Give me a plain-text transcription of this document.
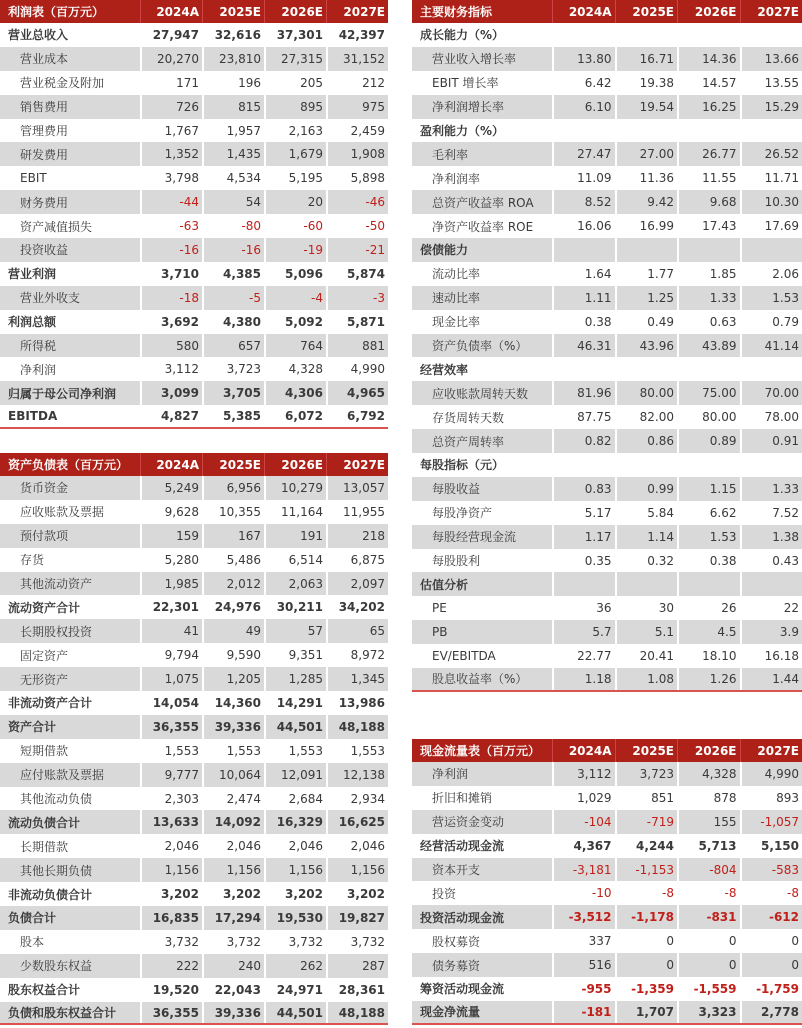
利润表（百万元）	2024A	2025E	2026E	2027E
营业总收入	27,947	32,616	37,301	42,397
营业成本	20,270	23,810	27,315	31,152
营业税金及附加	171	196	205	212
销售费用	726	815	895	975
管理费用	1,767	1,957	2,163	2,459
研发费用	1,352	1,435	1,679	1,908
EBIT	3,798	4,534	5,195	5,898
财务费用	-44	54	20	-46
资产减值损失	-63	-80	-60	-50
投资收益	-16	-16	-19	-21
营业利润	3,710	4,385	5,096	5,874
营业外收支	-18	-5	-4	-3
利润总额	3,692	4,380	5,092	5,871
所得税	580	657	764	881
净利润	3,112	3,723	4,328	4,990
归属于母公司净利润	3,099	3,705	4,306	4,965
EBITDA	4,827	5,385	6,072	6,792
资产负债表（百万元）	2024A	2025E	2026E	2027E
货币资金	5,249	6,956	10,279	13,057
应收账款及票据	9,628	10,355	11,164	11,955
预付款项	159	167	191	218
存货	5,280	5,486	6,514	6,875
其他流动资产	1,985	2,012	2,063	2,097
流动资产合计	22,301	24,976	30,211	34,202
长期股权投资	41	49	57	65
固定资产	9,794	9,590	9,351	8,972
无形资产	1,075	1,205	1,285	1,345
非流动资产合计	14,054	14,360	14,291	13,986
资产合计	36,355	39,336	44,501	48,188
短期借款	1,553	1,553	1,553	1,553
应付账款及票据	9,777	10,064	12,091	12,138
其他流动负债	2,303	2,474	2,684	2,934
流动负债合计	13,633	14,092	16,329	16,625
长期借款	2,046	2,046	2,046	2,046
其他长期负债	1,156	1,156	1,156	1,156
非流动负债合计	3,202	3,202	3,202	3,202
负债合计	16,835	17,294	19,530	19,827
股本	3,732	3,732	3,732	3,732
少数股东权益	222	240	262	287
股东权益合计	19,520	22,043	24,971	28,361
负债和股东权益合计	36,355	39,336	44,501	48,188
主要财务指标	2024A	2025E	2026E	2027E
成长能力（%）
营业收入增长率	13.80	16.71	14.36	13.66
EBIT 增长率	6.42	19.38	14.57	13.55
净利润增长率	6.10	19.54	16.25	15.29
盈利能力（%）
毛利率	27.47	27.00	26.77	26.52
净利润率	11.09	11.36	11.55	11.71
总资产收益率 ROA	8.52	9.42	9.68	10.30
净资产收益率 ROE	16.06	16.99	17.43	17.69
偿债能力
流动比率	1.64	1.77	1.85	2.06
速动比率	1.11	1.25	1.33	1.53
现金比率	0.38	0.49	0.63	0.79
资产负债率（%）	46.31	43.96	43.89	41.14
经营效率
应收账款周转天数	81.96	80.00	75.00	70.00
存货周转天数	87.75	82.00	80.00	78.00
总资产周转率	0.82	0.86	0.89	0.91
每股指标（元）
每股收益	0.83	0.99	1.15	1.33
每股净资产	5.17	5.84	6.62	7.52
每股经营现金流	1.17	1.14	1.53	1.38
每股股利	0.35	0.32	0.38	0.43
估值分析
PE	36	30	26	22
PB	5.7	5.1	4.5	3.9
EV/EBITDA	22.77	20.41	18.10	16.18
股息收益率（%）	1.18	1.08	1.26	1.44
现金流量表（百万元）	2024A	2025E	2026E	2027E
净利润	3,112	3,723	4,328	4,990
折旧和摊销	1,029	851	878	893
营运资金变动	-104	-719	155	-1,057
经营活动现金流	4,367	4,244	5,713	5,150
资本开支	-3,181	-1,153	-804	-583
投资	-10	-8	-8	-8
投资活动现金流	-3,512	-1,178	-831	-612
股权募资	337	0	0	0
债务募资	516	0	0	0
筹资活动现金流	-955	-1,359	-1,559	-1,759
现金净流量	-181	1,707	3,323	2,778
